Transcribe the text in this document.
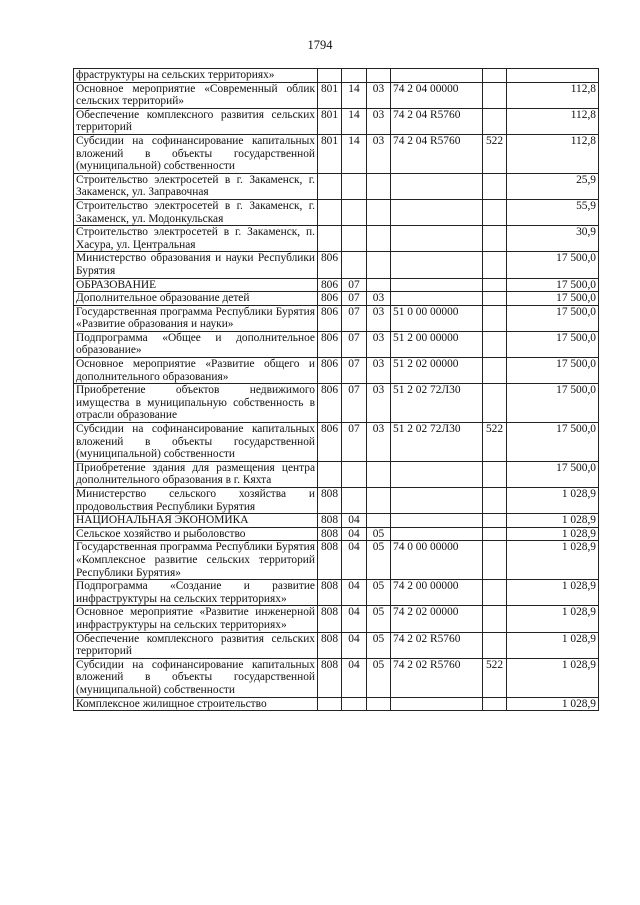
1794
фраструктуры на сельских территориях»						
Основное мероприятие «Современный облик сельских территорий»	801	14	03	74 2 04 00000		112,8
Обеспечение комплексного развития сельских территорий	801	14	03	74 2 04 R5760		112,8
Субсидии на софинансирование капитальных вложений в объекты государственной (муниципальной) собственности	801	14	03	74 2 04 R5760	522	112,8
Строительство электросетей в г. Закаменск, г. Закаменск, ул. Заправочная						25,9
Строительство электросетей в г. Закаменск, г. Закаменск, ул. Модонкульская						55,9
Строительство электросетей в г. Закаменск, п. Хасура, ул. Центральная						30,9
Министерство образования и науки Республики Бурятия	806					17 500,0
ОБРАЗОВАНИЕ	806	07				17 500,0
Дополнительное образование детей	806	07	03			17 500,0
Государственная программа Республики Бурятия «Развитие образования и науки»	806	07	03	51 0 00 00000		17 500,0
Подпрограмма «Общее и дополнительное образование»	806	07	03	51 2 00 00000		17 500,0
Основное мероприятие «Развитие общего и дополнительного образования»	806	07	03	51 2 02 00000		17 500,0
Приобретение объектов недвижимого имущества в муниципальную собственность в отрасли образование	806	07	03	51 2 02 72Л30		17 500,0
Субсидии на софинансирование капитальных вложений в объекты государственной (муниципальной) собственности	806	07	03	51 2 02 72Л30	522	17 500,0
Приобретение здания для размещения центра дополнительного образования в г. Кяхта						17 500,0
Министерство сельского хозяйства и продовольствия Республики Бурятия	808					1 028,9
НАЦИОНАЛЬНАЯ ЭКОНОМИКА	808	04				1 028,9
Сельское хозяйство и рыболовство	808	04	05			1 028,9
Государственная программа Республики Бурятия «Комплексное развитие сельских территорий Республики Бурятия»	808	04	05	74 0 00 00000		1 028,9
Подпрограмма «Создание и развитие инфраструктуры на сельских территориях»	808	04	05	74 2 00 00000		1 028,9
Основное мероприятие «Развитие инженерной инфраструктуры на сельских территориях»	808	04	05	74 2 02 00000		1 028,9
Обеспечение комплексного развития сельских территорий	808	04	05	74 2 02 R5760		1 028,9
Субсидии на софинансирование капитальных вложений в объекты государственной (муниципальной) собственности	808	04	05	74 2 02 R5760	522	1 028,9
Комплексное жилищное строительство						1 028,9
